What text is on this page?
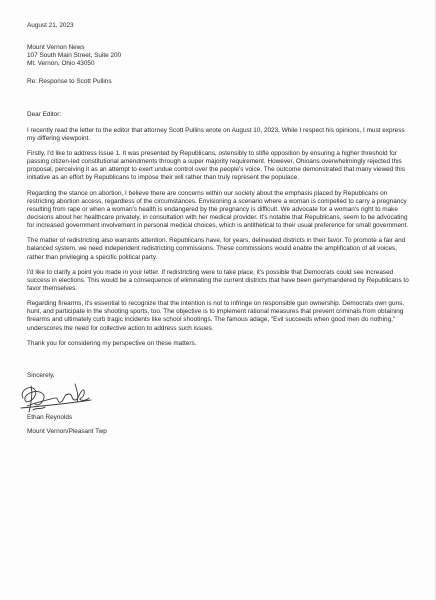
August 21, 2023
Mount Vernon News
107 South Main Street, Suite 200
Mt. Vernon, Ohio 43050
Re: Response to Scott Pullins
Dear Editor:

I recently read the letter to the editor that attorney Scott Pullins wrote on August 10, 2023. While I respect his opinions, I must express my differing viewpoint.

Firstly, I'd like to address Issue 1. It was presented by Republicans, ostensibly to stifle opposition by ensuring a higher threshold for passing citizen-led constitutional amendments through a super majority requirement. However, Ohioans overwhelmingly rejected this proposal, perceiving it as an attempt to exert undue control over the people's voice. The outcome demonstrated that many viewed this initiative as an effort by Republicans to impose their will rather than truly represent the populace.

Regarding the stance on abortion, I believe there are concerns within our society about the emphasis placed by Republicans on restricting abortion access, regardless of the circumstances. Envisioning a scenario where a woman is compelled to carry a pregnancy resulting from rape or when a woman's health is endangered by the pregnancy is difficult. We advocate for a woman's right to make decisions about her healthcare privately, in consultation with her medical provider. It's notable that Republicans, seem to be advocating for increased government involvement in personal medical choices, which is antithetical to their usual preference for small government.

The matter of redistricting also warrants attention. Republicans have, for years, delineated districts in their favor. To promote a fair and balanced system, we need independent redistricting commissions. These commissions would enable the amplification of all voices, rather than privileging a specific political party.

I'd like to clarify a point you made in your letter. If redistricting were to take place, it's possible that Democrats could see increased success in elections. This would be a consequence of eliminating the current districts that have been gerrymandered by Republicans to favor themselves.

Regarding firearms, it's essential to recognize that the intention is not to infringe on responsible gun ownership. Democrats own guns, hunt, and participate in the shooting sports, too. The objective is to implement rational measures that prevent criminals from obtaining firearms and ultimately curb tragic incidents like school shootings. The famous adage, "Evil succeeds when good men do nothing," underscores the need for collective action to address such issues.

Thank you for considering my perspective on these matters.

Sincerely,
Ethan Reynolds
Mount Vernon/Pleasant Twp
